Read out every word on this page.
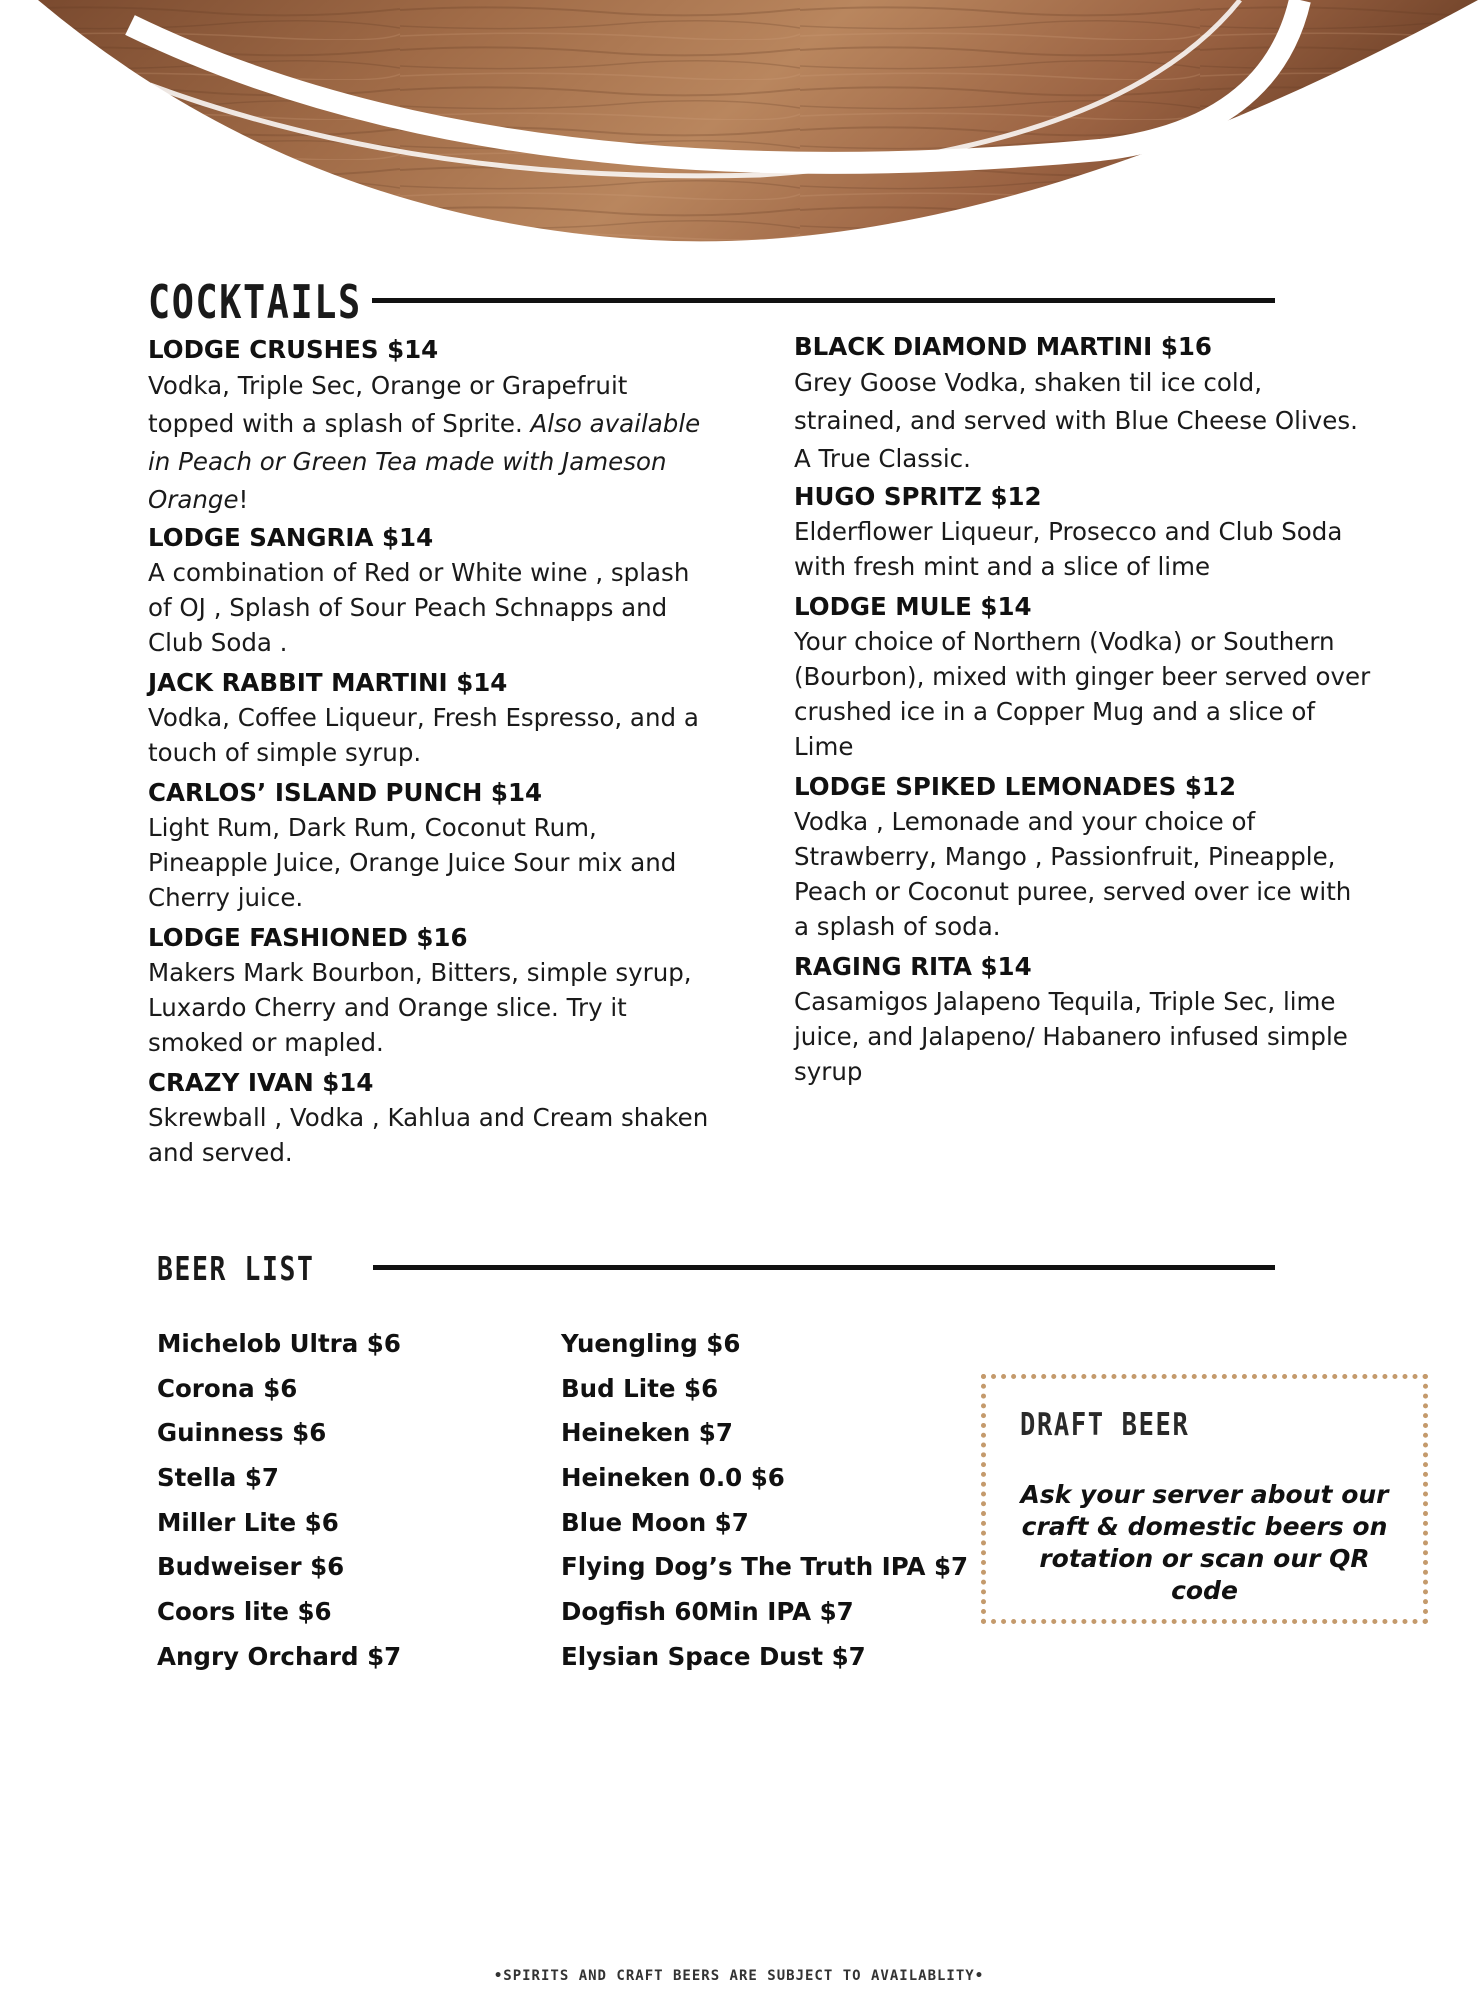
COCKTAILS

LODGE CRUSHES $14

Vodka, Triple Sec, Orange or Grapefruit topped with a splash of Sprite. Also available in Peach or Green Tea made with Jameson Orange!

LODGE SANGRIA $14

A combination of Red or White wine , splash of OJ , Splash of Sour Peach Schnapps and Club Soda .

JACK RABBIT MARTINI $14

Vodka, Coffee Liqueur, Fresh Espresso, and a touch of simple syrup.

CARLOS’ ISLAND PUNCH $14

Light Rum, Dark Rum, Coconut Rum, Pineapple Juice, Orange Juice Sour mix and Cherry juice.

LODGE FASHIONED $16

Makers Mark Bourbon, Bitters, simple syrup, Luxardo Cherry and Orange slice. Try it smoked or mapled.

CRAZY IVAN $14

Skrewball , Vodka , Kahlua and Cream shaken and served.

BLACK DIAMOND MARTINI $16

Grey Goose Vodka, shaken til ice cold, strained, and served with Blue Cheese Olives. A True Classic.

HUGO SPRITZ $12

Elderflower Liqueur, Prosecco and Club Soda with fresh mint and a slice of lime

LODGE MULE $14

Your choice of Northern (Vodka) or Southern (Bourbon), mixed with ginger beer served over crushed ice in a Copper Mug and a slice of Lime

LODGE SPIKED LEMONADES $12

Vodka , Lemonade and your choice of Strawberry, Mango , Passionfruit, Pineapple, Peach or Coconut puree, served over ice with a splash of soda.

RAGING RITA $14

Casamigos Jalapeno Tequila, Triple Sec, lime juice, and Jalapeno/ Habanero infused simple syrup

BEER LIST
Michelob Ultra $6
Corona $6
Guinness $6
Stella $7
Miller Lite $6
Budweiser $6
Coors lite $6
Angry Orchard $7
Yuengling $6
Bud Lite $6
Heineken $7
Heineken 0.0 $6
Blue Moon $7
Flying Dog’s The Truth IPA $7
Dogfish 60Min IPA $7
Elysian Space Dust $7
DRAFT BEER
Ask your server about our craft & domestic beers on rotation or scan our QR code
•SPIRITS AND CRAFT BEERS ARE SUBJECT TO AVAILABLITY•
